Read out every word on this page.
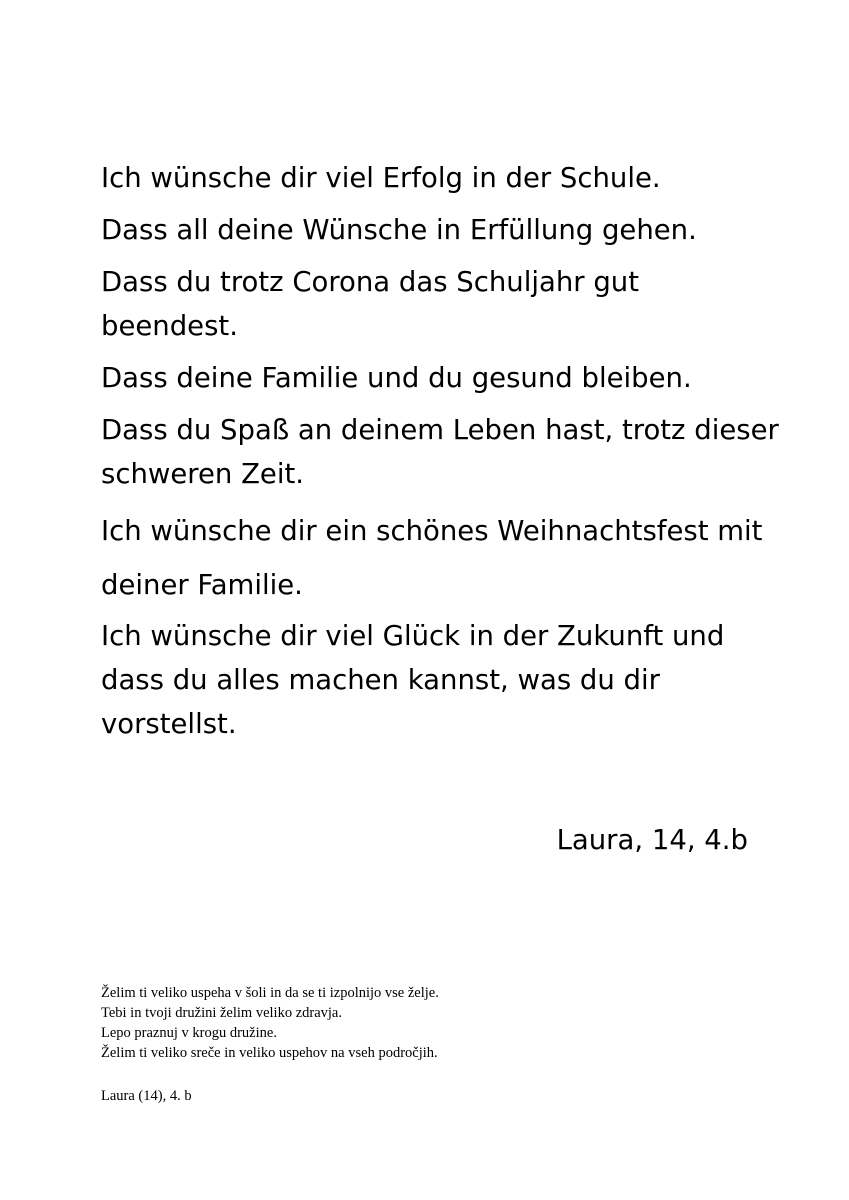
Ich wünsche dir viel Erfolg in der Schule.

Dass all deine Wünsche in Erfüllung gehen.

Dass du trotz Corona das Schuljahr gut
beendest.

Dass deine Familie und du gesund bleiben.

Dass du Spaß an deinem Leben hast, trotz dieser
schweren Zeit.

Ich wünsche dir ein schönes Weihnachtsfest mit
deiner Familie.

Ich wünsche dir viel Glück in der Zukunft und
dass du alles machen kannst, was du dir
vorstellst.

Laura, 14, 4.b

Želim ti veliko uspeha v šoli in da se ti izpolnijo vse želje.

Tebi in tvoji družini želim veliko zdravja.

Lepo praznuj v krogu družine.

Želim ti veliko sreče in veliko uspehov na vseh področjih.

Laura (14), 4. b
